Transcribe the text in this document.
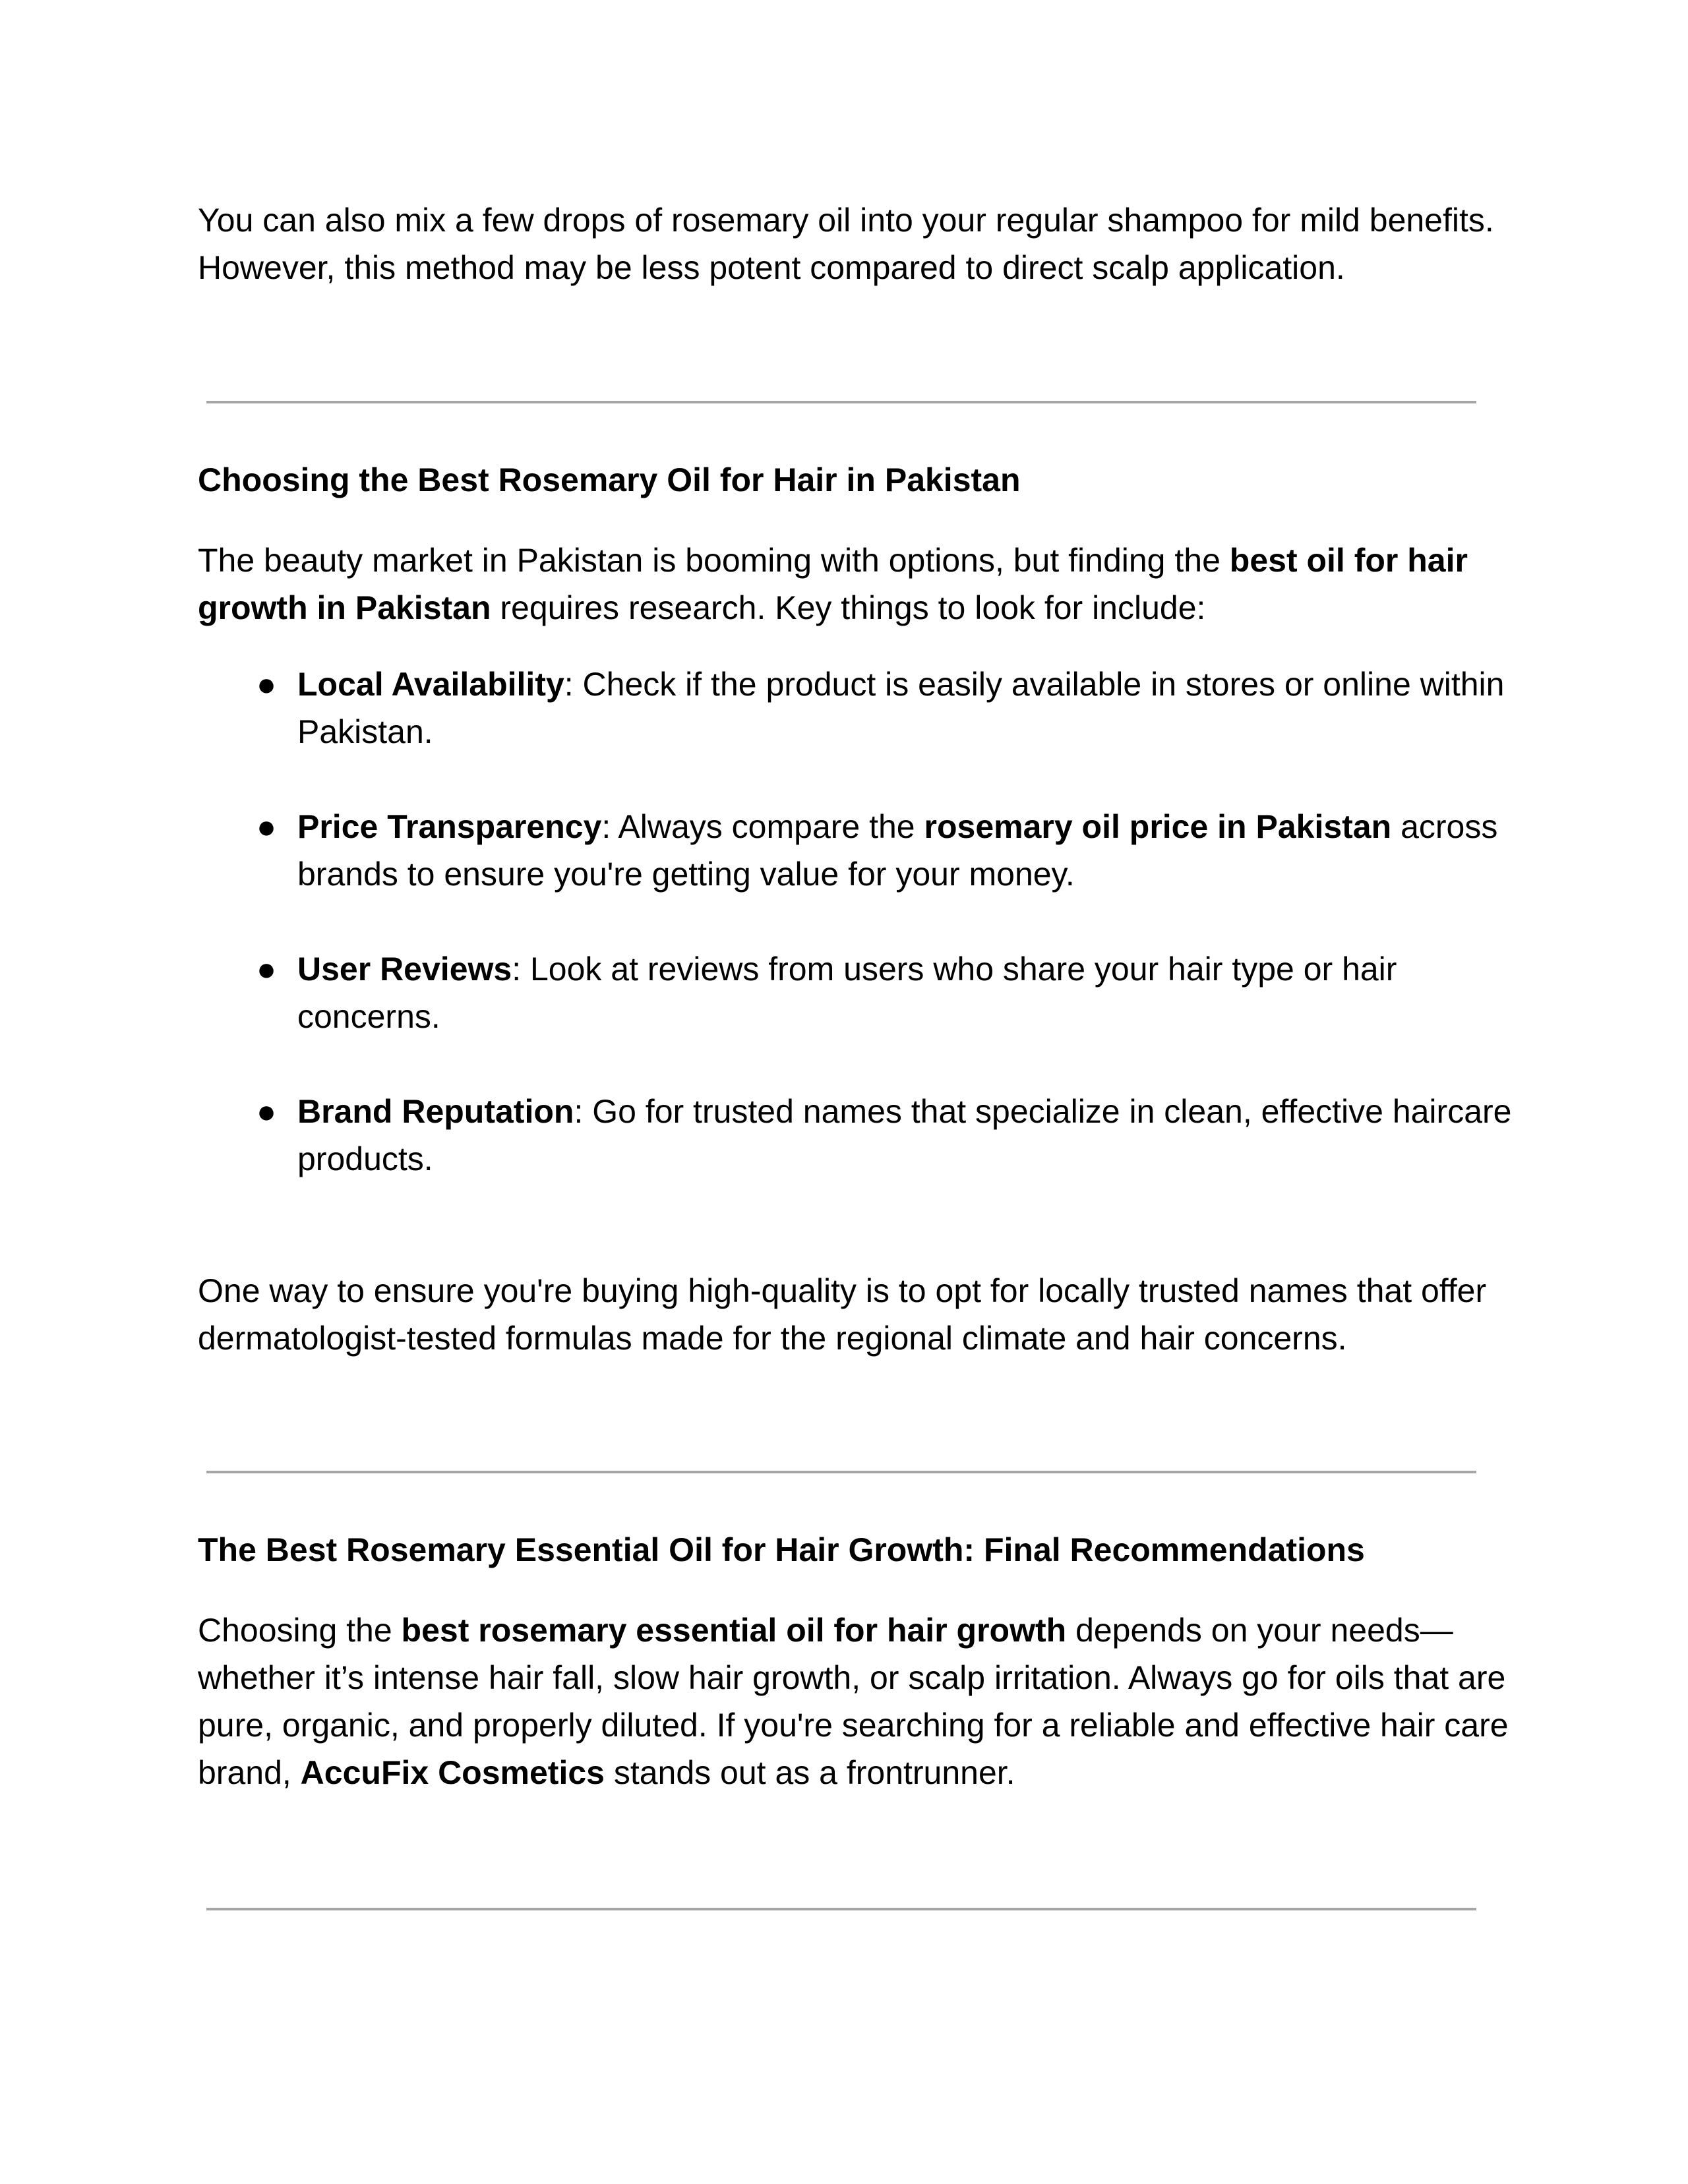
You can also mix a few drops of rosemary oil into your regular shampoo for mild benefits. However, this method may be less potent compared to direct scalp application.

Choosing the Best Rosemary Oil for Hair in Pakistan

The beauty market in Pakistan is booming with options, but finding the best oil for hair growth in Pakistan requires research. Key things to look for include:

● Local Availability: Check if the product is easily available in stores or online within Pakistan.
● Price Transparency: Always compare the rosemary oil price in Pakistan across brands to ensure you're getting value for your money.
● User Reviews: Look at reviews from users who share your hair type or hair concerns.
● Brand Reputation: Go for trusted names that specialize in clean, effective haircare products.

One way to ensure you're buying high-quality is to opt for locally trusted names that offer dermatologist-tested formulas made for the regional climate and hair concerns.

The Best Rosemary Essential Oil for Hair Growth: Final Recommendations

Choosing the best rosemary essential oil for hair growth depends on your needs—whether it’s intense hair fall, slow hair growth, or scalp irritation. Always go for oils that are pure, organic, and properly diluted. If you're searching for a reliable and effective hair care brand, AccuFix Cosmetics stands out as a frontrunner.
